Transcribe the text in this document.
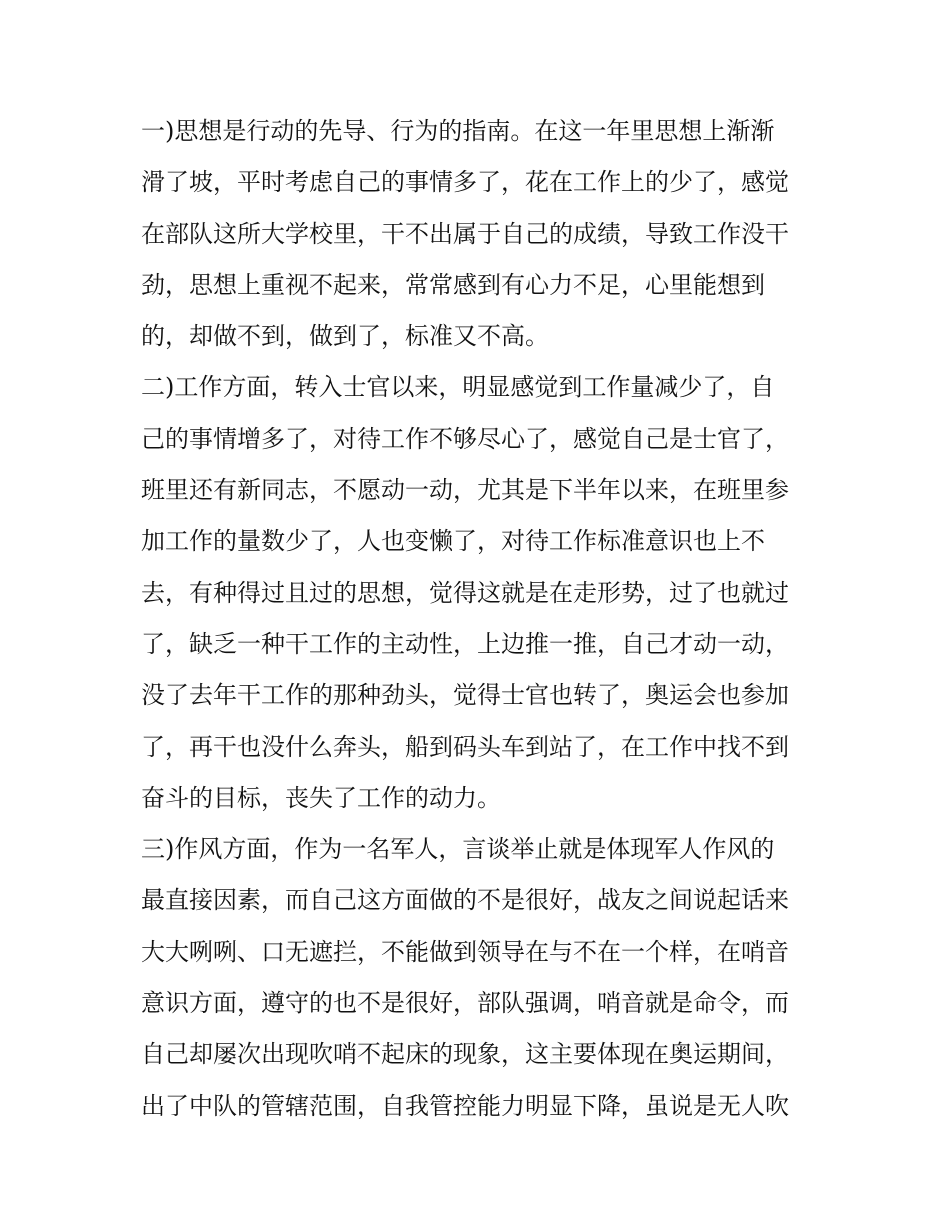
一)思想是行动的先导、行为的指南。在这一年里思想上渐渐
滑了坡，平时考虑自己的事情多了，花在工作上的少了，感觉
在部队这所大学校里，干不出属于自己的成绩，导致工作没干
劲，思想上重视不起来，常常感到有心力不足，心里能想到
的，却做不到，做到了，标准又不高。
二)工作方面，转入士官以来，明显感觉到工作量减少了，自
己的事情增多了，对待工作不够尽心了，感觉自己是士官了，
班里还有新同志，不愿动一动，尤其是下半年以来，在班里参
加工作的量数少了，人也变懒了，对待工作标准意识也上不
去，有种得过且过的思想，觉得这就是在走形势，过了也就过
了，缺乏一种干工作的主动性，上边推一推，自己才动一动，
没了去年干工作的那种劲头，觉得士官也转了，奥运会也参加
了，再干也没什么奔头，船到码头车到站了，在工作中找不到
奋斗的目标，丧失了工作的动力。
三)作风方面，作为一名军人，言谈举止就是体现军人作风的
最直接因素，而自己这方面做的不是很好，战友之间说起话来
大大咧咧、口无遮拦，不能做到领导在与不在一个样，在哨音
意识方面，遵守的也不是很好，部队强调，哨音就是命令，而
自己却屡次出现吹哨不起床的现象，这主要体现在奥运期间，
出了中队的管辖范围，自我管控能力明显下降，虽说是无人吹
